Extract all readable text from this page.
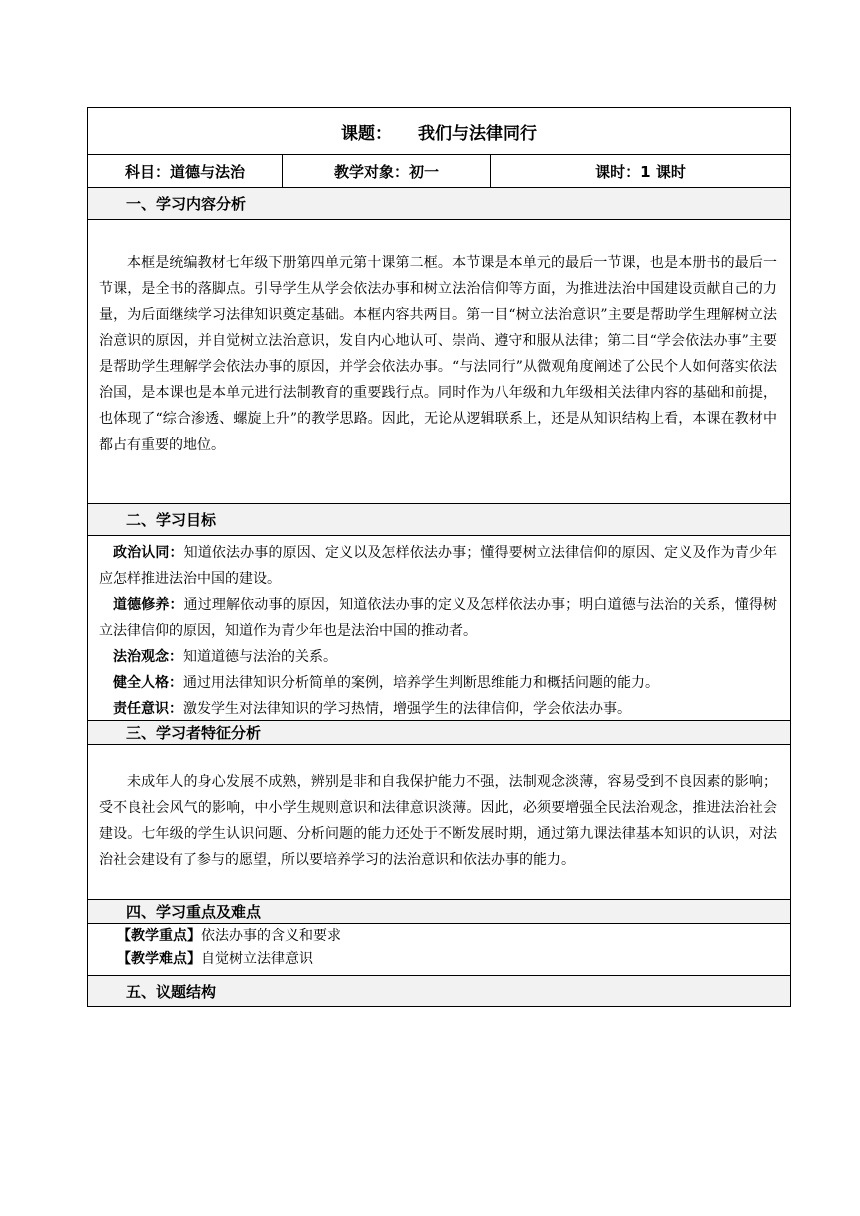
课题： 我们与法律同行
科目：道德与法治	教学对象：初一	课时：1 课时
一、学习内容分析

本框是统编教材七年级下册第四单元第十课第二框。本节课是本单元的最后一节课，也是本册书的最后一节课，是全书的落脚点。引导学生从学会依法办事和树立法治信仰等方面，为推进法治中国建设贡献自己的力量，为后面继续学习法律知识奠定基础。本框内容共两目。第一目“树立法治意识”主要是帮助学生理解树立法治意识的原因，并自觉树立法治意识，发自内心地认可、崇尚、遵守和服从法律；第二目“学会依法办事”主要是帮助学生理解学会依法办事的原因，并学会依法办事。“与法同行”从微观角度阐述了公民个人如何落实依法治国，是本课也是本单元进行法制教育的重要践行点。同时作为八年级和九年级相关法律内容的基础和前提，也体现了“综合渗透、螺旋上升”的教学思路。因此，无论从逻辑联系上，还是从知识结构上看，本课在教材中都占有重要的地位。

二、学习目标

政治认同：知道依法办事的原因、定义以及怎样依法办事；懂得要树立法律信仰的原因、定义及作为青少年应怎样推进法治中国的建设。

道德修养：通过理解依动事的原因，知道依法办事的定义及怎样依法办事；明白道德与法治的关系，懂得树立法律信仰的原因，知道作为青少年也是法治中国的推动者。

法治观念：知道道德与法治的关系。

健全人格：通过用法律知识分析简单的案例，培养学生判断思维能力和概括问题的能力。

责任意识：激发学生对法律知识的学习热情，增强学生的法律信仰，学会依法办事。

三、学习者特征分析

未成年人的身心发展不成熟，辨别是非和自我保护能力不强，法制观念淡薄，容易受到不良因素的影响；受不良社会风气的影响，中小学生规则意识和法律意识淡薄。因此，必须要增强全民法治观念，推进法治社会建设。七年级的学生认识问题、分析问题的能力还处于不断发展时期，通过第九课法律基本知识的认识，对法治社会建设有了参与的愿望，所以要培养学习的法治意识和依法办事的能力。

四、学习重点及难点
【教学重点】依法办事的含义和要求
【教学难点】自觉树立法律意识
五、议题结构
